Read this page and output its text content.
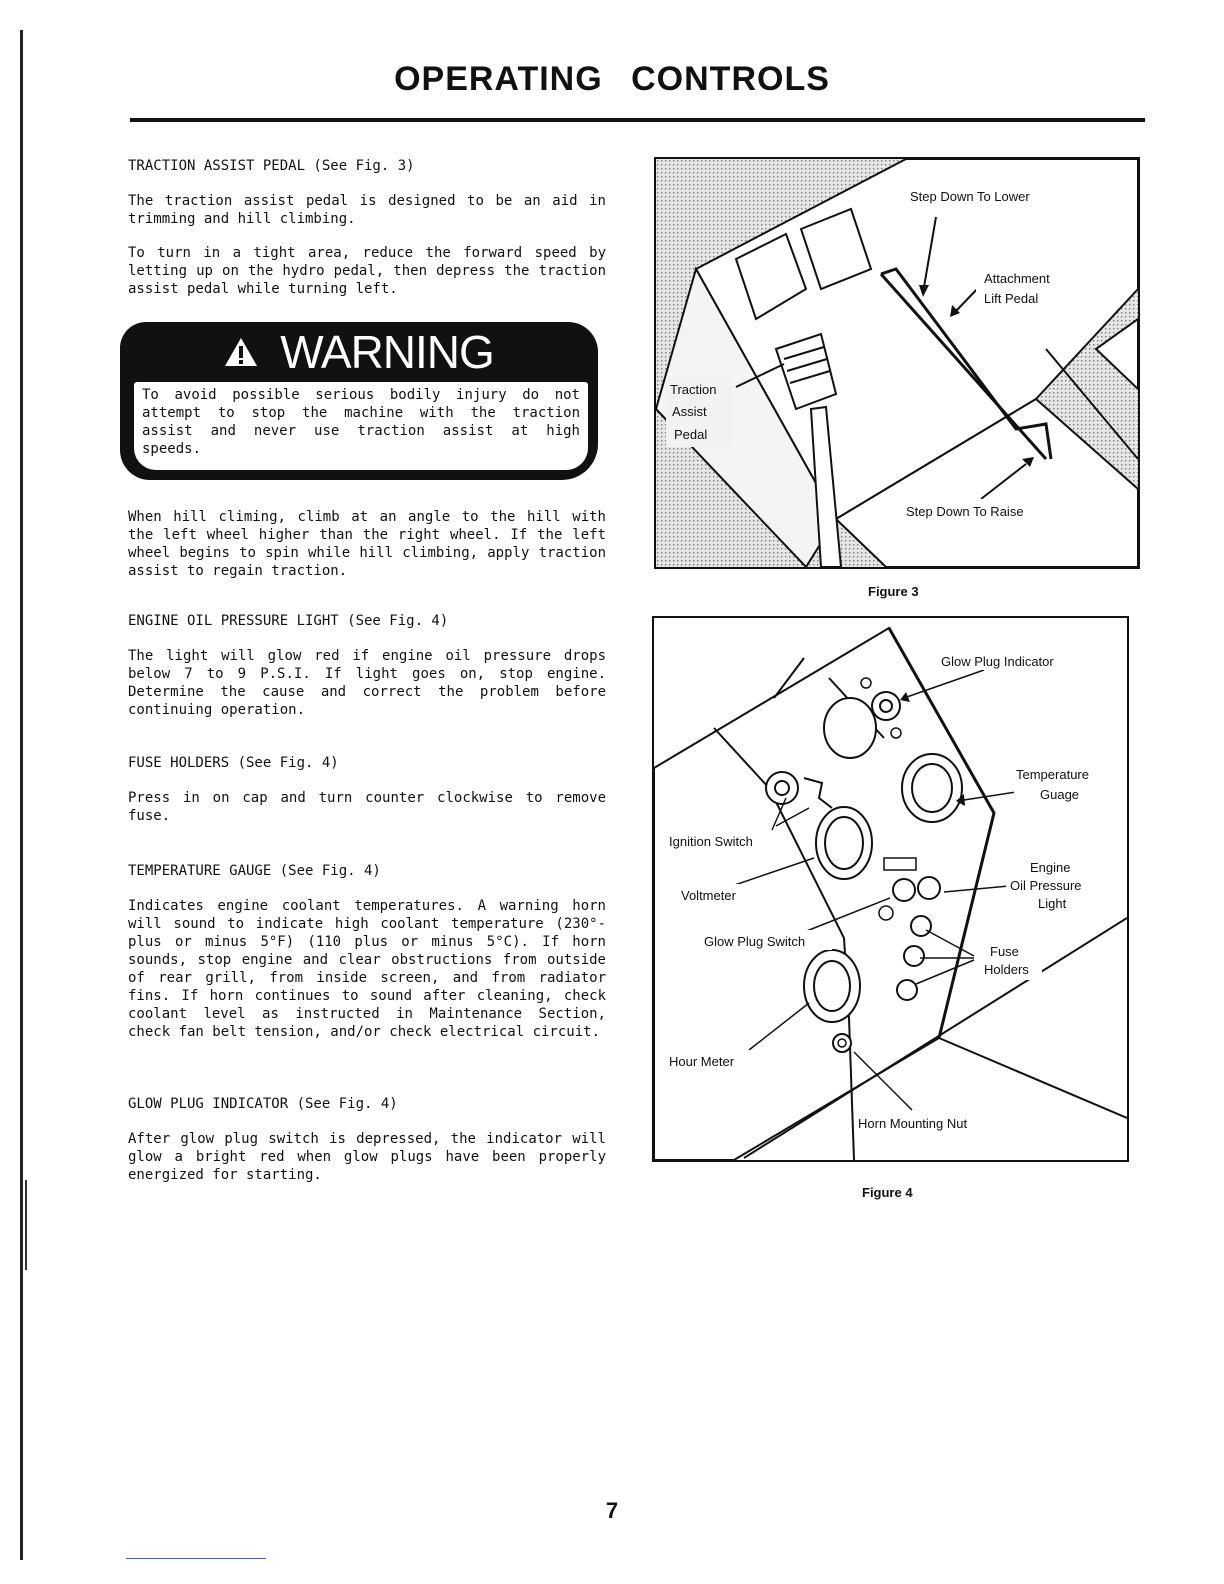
OPERATING CONTROLS

TRACTION ASSIST PEDAL (See Fig. 3)

The traction assist pedal is designed to be an aid in trimming and hill climbing.

To turn in a tight area, reduce the forward speed by letting up on the hydro pedal, then depress the traction assist pedal while turning left.

WARNING

To avoid possible serious bodily injury do not attempt to stop the machine with the traction assist and never use traction assist at high speeds.

When hill climing, climb at an angle to the hill with the left wheel higher than the right wheel. If the left wheel begins to spin while hill climbing, apply traction assist to regain traction.

ENGINE OIL PRESSURE LIGHT (See Fig. 4)

The light will glow red if engine oil pressure drops below 7 to 9 P.S.I. If light goes on, stop engine. Determine the cause and correct the problem before continuing operation.

FUSE HOLDERS (See Fig. 4)

Press in on cap and turn counter clockwise to remove fuse.

TEMPERATURE GAUGE (See Fig. 4)

Indicates engine coolant temperatures. A warning horn will sound to indicate high coolant temperature (230°-plus or minus 5°F) (110 plus or minus 5°C). If horn sounds, stop engine and clear obstructions from outside of rear grill, from inside screen, and from radiator fins. If horn continues to sound after cleaning, check coolant level as instructed in Maintenance Section, check fan belt tension, and/or check electrical circuit.

GLOW PLUG INDICATOR (See Fig. 4)

After glow plug switch is depressed, the indicator will glow a bright red when glow plugs have been properly energized for starting.

Step Down To Lower
Attachment
Lift Pedal
Traction
Assist
Pedal
Step Down To Raise
Figure 3
Glow Plug Indicator
Temperature
Guage
Engine
Oil Pressure
Light
Ignition Switch
Voltmeter
Glow Plug Switch
Fuse
Holders
Hour Meter
Horn Mounting Nut
Figure 4
7
